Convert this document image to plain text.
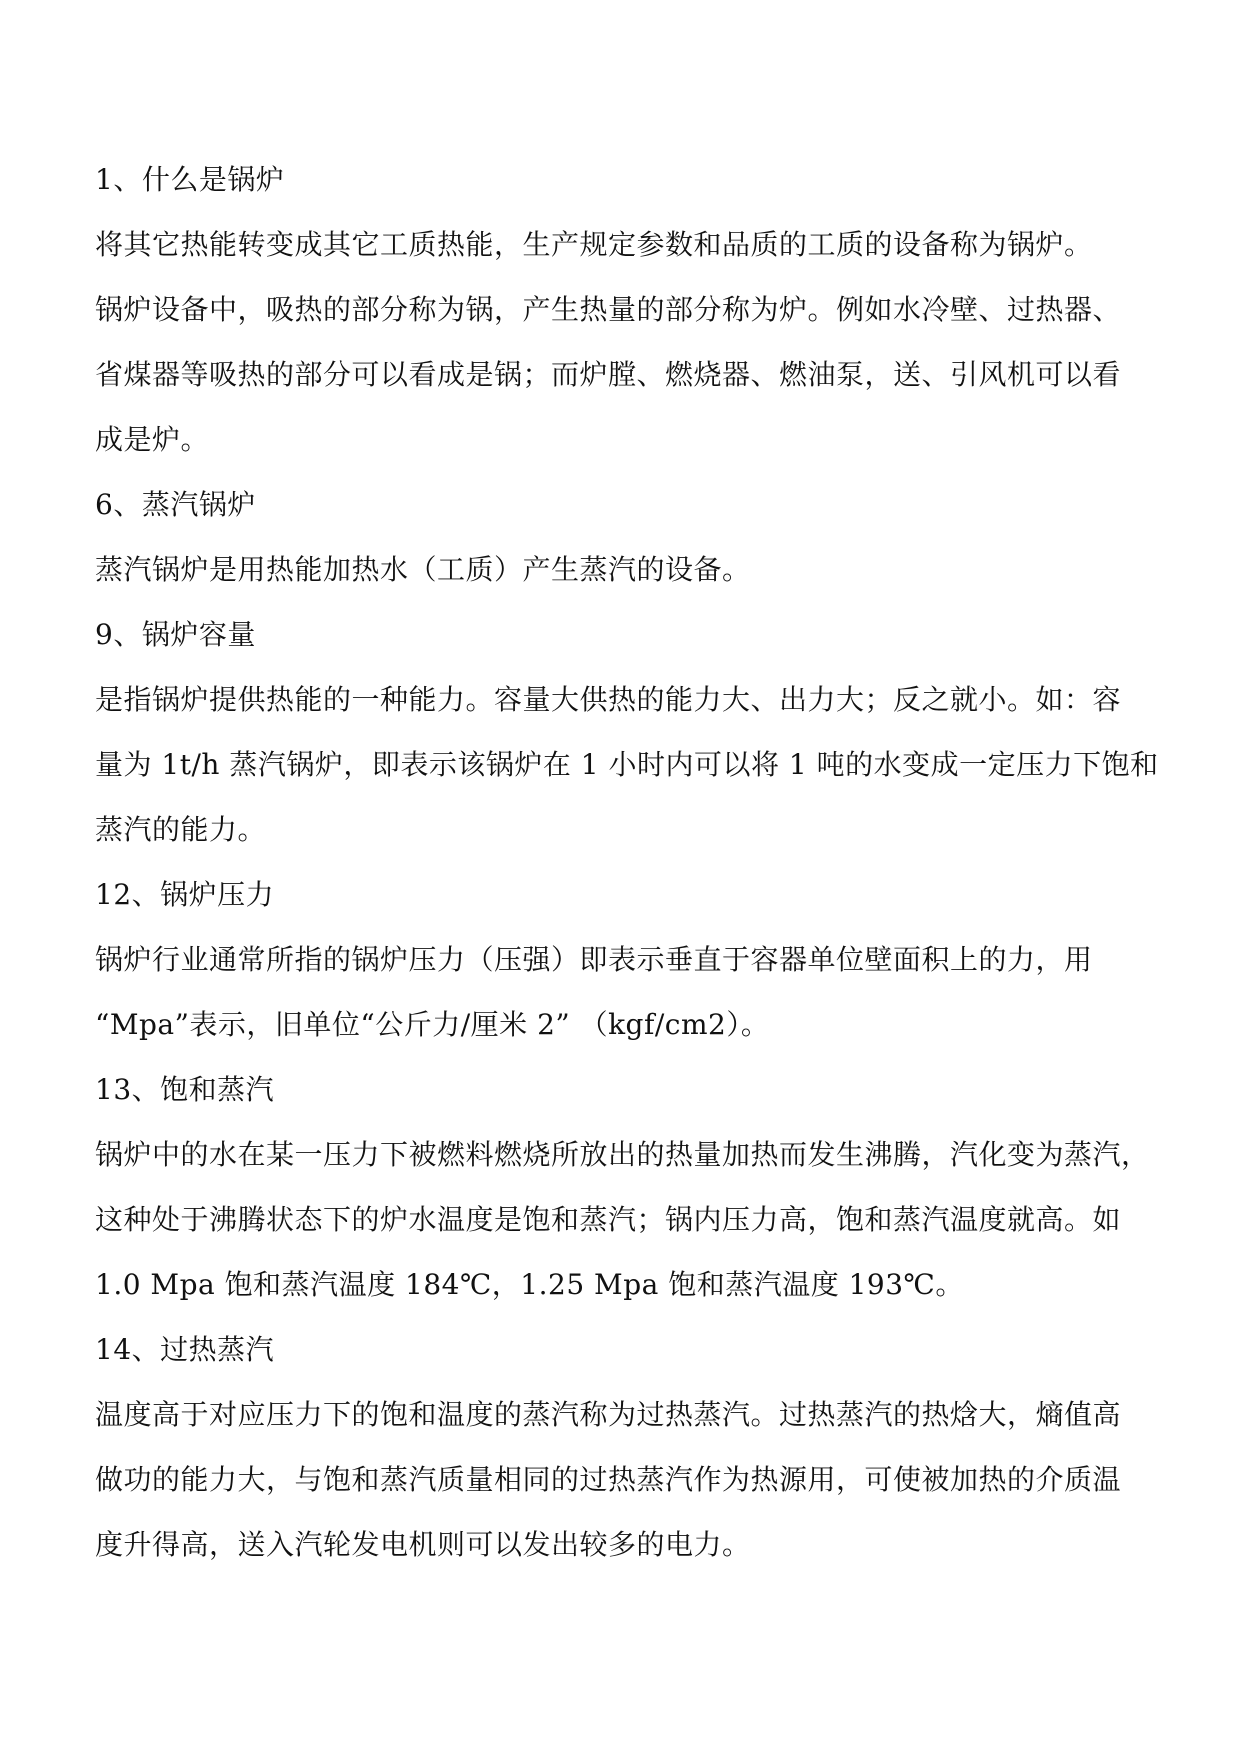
1、什么是锅炉
将其它热能转变成其它工质热能，生产规定参数和品质的工质的设备称为锅炉。
锅炉设备中，吸热的部分称为锅，产生热量的部分称为炉。例如水冷壁、过热器、
省煤器等吸热的部分可以看成是锅；而炉膛、燃烧器、燃油泵，送、引风机可以看
成是炉。
6、蒸汽锅炉
蒸汽锅炉是用热能加热水（工质）产生蒸汽的设备。
9、锅炉容量
是指锅炉提供热能的一种能力。容量大供热的能力大、出力大；反之就小。如：容
量为 1t/h 蒸汽锅炉，即表示该锅炉在 1 小时内可以将 1 吨的水变成一定压力下饱和
蒸汽的能力。
12、锅炉压力
锅炉行业通常所指的锅炉压力（压强）即表示垂直于容器单位壁面积上的力，用
“Mpa”表示，旧单位“公斤力/厘米 2” （kgf/cm2）。
13、饱和蒸汽
锅炉中的水在某一压力下被燃料燃烧所放出的热量加热而发生沸腾，汽化变为蒸汽，
这种处于沸腾状态下的炉水温度是饱和蒸汽；锅内压力高，饱和蒸汽温度就高。如
1.0 Mpa 饱和蒸汽温度 184℃，1.25 Mpa 饱和蒸汽温度 193℃。
14、过热蒸汽
温度高于对应压力下的饱和温度的蒸汽称为过热蒸汽。过热蒸汽的热焓大，熵值高
做功的能力大，与饱和蒸汽质量相同的过热蒸汽作为热源用，可使被加热的介质温
度升得高，送入汽轮发电机则可以发出较多的电力。
